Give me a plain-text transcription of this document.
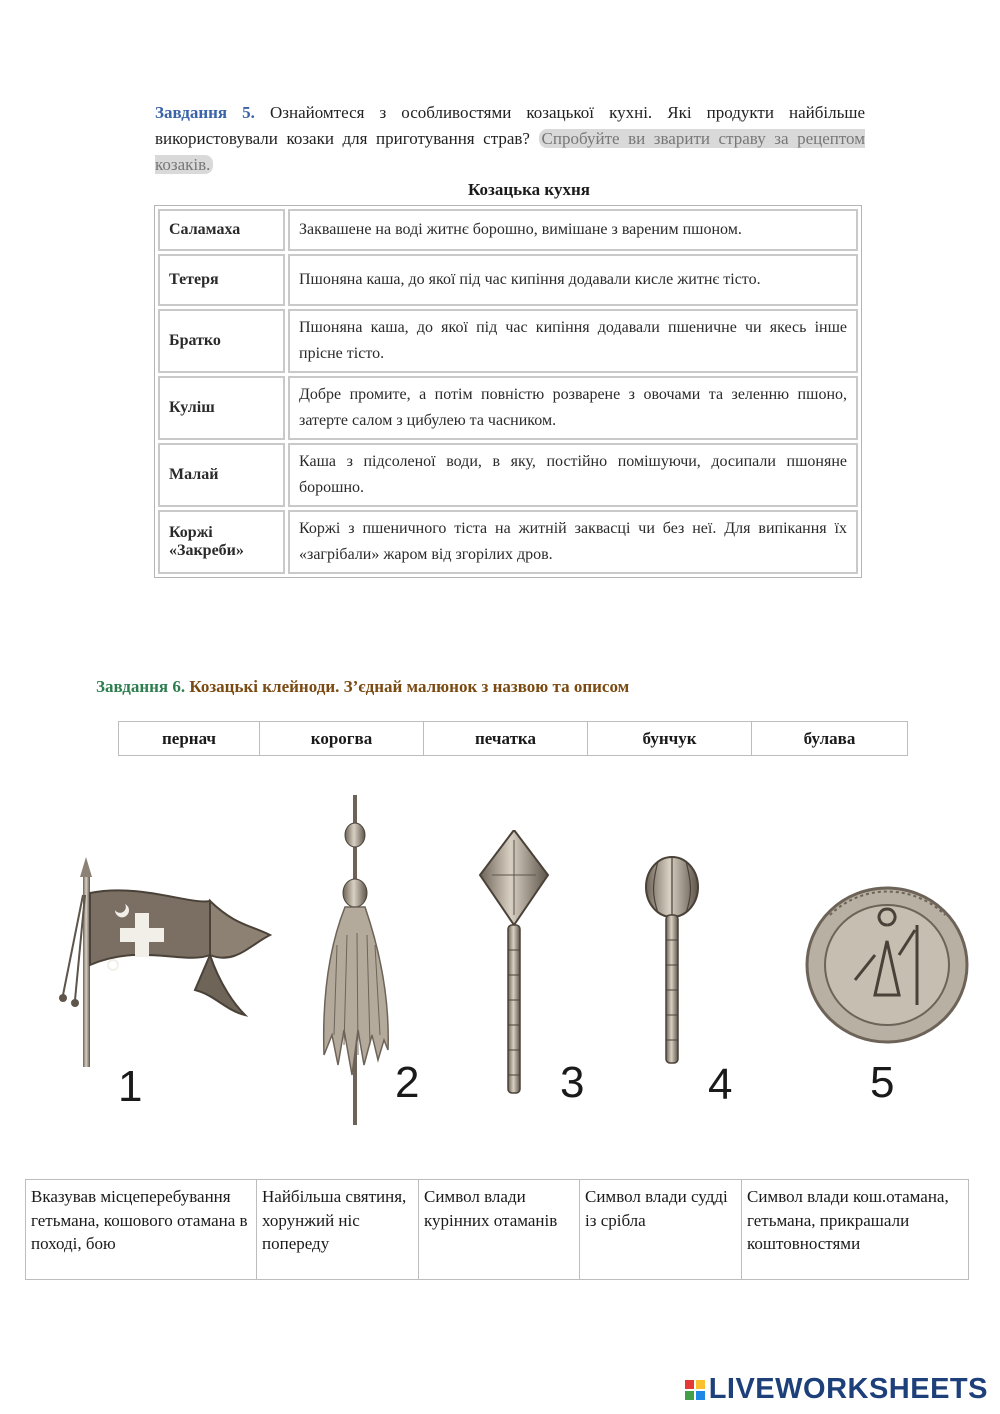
Завдання 5. Ознайомтеся з особливостями козацької кухні. Які продукти найбільше використовували козаки для приготування страв? Спробуйте ви зварити страву за рецептом козаків.
Козацька кухня
Саламаха	Заквашене на воді житнє борошно, вимішане з вареним пшоном.
Тетеря	Пшоняна каша, до якої під час кипіння додавали кисле житнє тісто.
Братко	Пшоняна каша, до якої під час кипіння додавали пшеничне чи якесь інше прісне тісто.
Куліш	Добре промите, а потім повністю розварене з овочами та зеленню пшоно, затерте салом з цибулею та часником.
Малай	Каша з підсоленої води, в яку, постійно помішуючи, досипали пшоняне борошно.
Коржі «Закреби»	Коржі з пшеничного тіста на житній заквасці чи без неї. Для випікання їх «загрібали» жаром від згорілих дров.
Завдання 6. Козацькі клейноди. З’єднай малюнок з назвою та описом
пернач	корогва	печатка	бунчук	булава
1	2	3	4	5
Вказував місцеперебування гетьмана, кошового отамана в поході, бою	Найбільша святиня, хорунжий ніс попереду	Символ влади курінних отаманів	Символ влади судді із срібла	Символ влади кош.отамана, гетьмана, прикрашали коштовностями
LIVEWORKSHEETS
